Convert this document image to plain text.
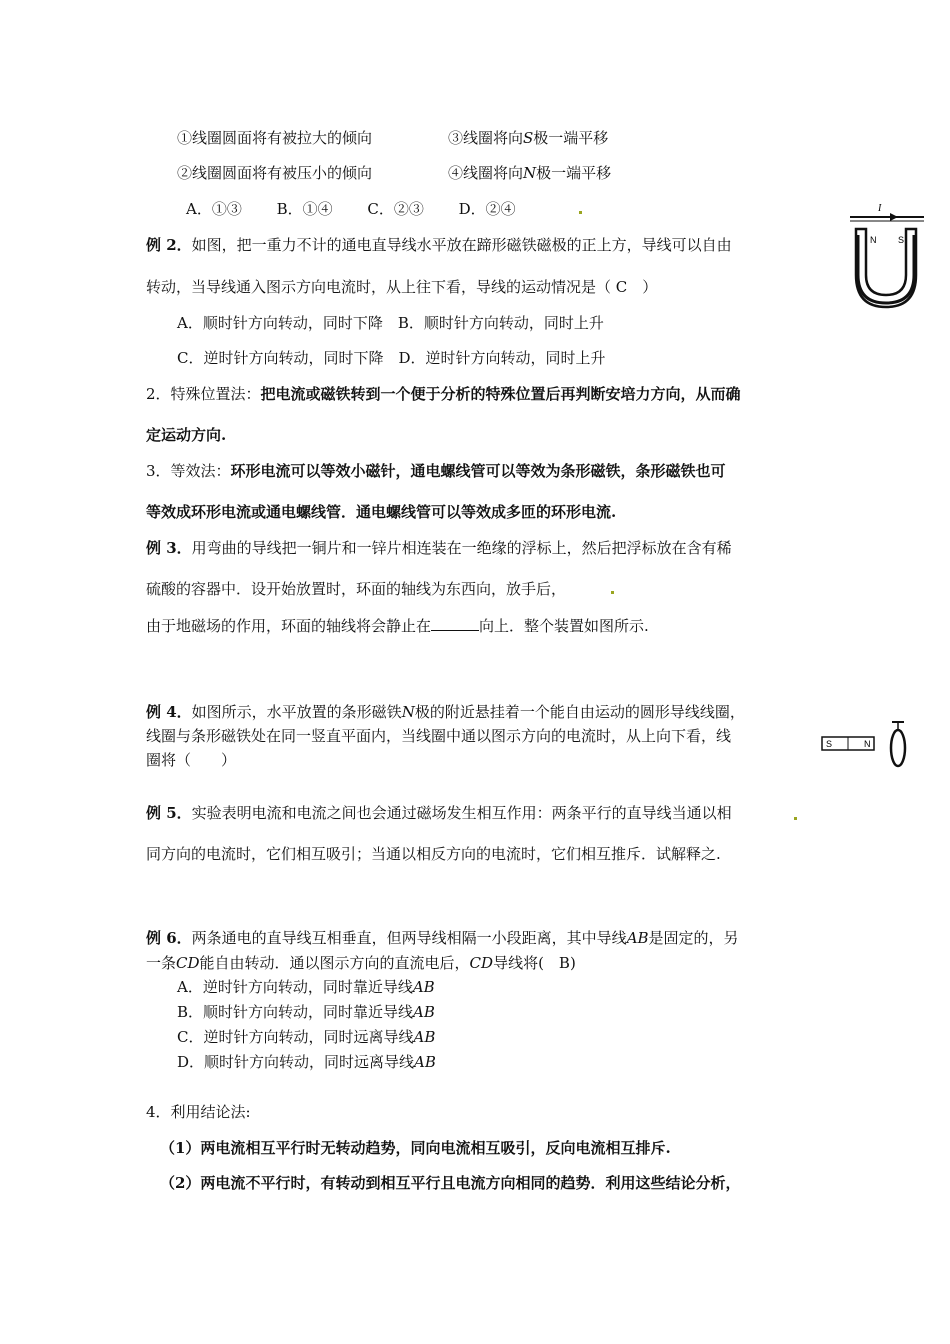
①线圈圆面将有被拉大的倾向	③线圈将向S极一端平移
②线圈圆面将有被压小的倾向	④线圈将向N极一端平移
A．①③　　 B．①④　　 C．②③　　 D．②④
例 2．如图，把一重力不计的通电直导线水平放在蹄形磁铁磁极的正上方，导线可以自由
转动，当导线通入图示方向电流时，从上往下看，导线的运动情况是（ C　）
A．顺时针方向转动，同时下降　B．顺时针方向转动，同时上升
C．逆时针方向转动，同时下降　D．逆时针方向转动，同时上升
I
N S
2．特殊位置法：把电流或磁铁转到一个便于分析的特殊位置后再判断安培力方向，从而确
定运动方向.
3．等效法：环形电流可以等效小磁针，通电螺线管可以等效为条形磁铁，条形磁铁也可
等效成环形电流或通电螺线管．通电螺线管可以等效成多匝的环形电流.
例 3．用弯曲的导线把一铜片和一锌片相连装在一绝缘的浮标上，然后把浮标放在含有稀
硫酸的容器中．设开始放置时，环面的轴线为东西向，放手后，
由于地磁场的作用，环面的轴线将会静止在	向上．整个装置如图所示.
例 4．如图所示，水平放置的条形磁铁N极的附近悬挂着一个能自由运动的圆形导线线圈，
线圈与条形磁铁处在同一竖直平面内，当线圈中通以图示方向的电流时，从上向下看，线
圈将（　　）
S	N
例 5．实验表明电流和电流之间也会通过磁场发生相互作用：两条平行的直导线当通以相
同方向的电流时，它们相互吸引；当通以相反方向的电流时，它们相互推斥．试解释之.
例 6．两条通电的直导线互相垂直，但两导线相隔一小段距离，其中导线AB是固定的，另
一条CD能自由转动．通以图示方向的直流电后，CD导线将(　B)
A．逆时针方向转动，同时靠近导线AB
B．顺时针方向转动，同时靠近导线AB
C．逆时针方向转动，同时远离导线AB
D．顺时针方向转动，同时远离导线AB
4．利用结论法:
（1）两电流相互平行时无转动趋势，同向电流相互吸引，反向电流相互排斥.
（2）两电流不平行时，有转动到相互平行且电流方向相同的趋势．利用这些结论分析，
